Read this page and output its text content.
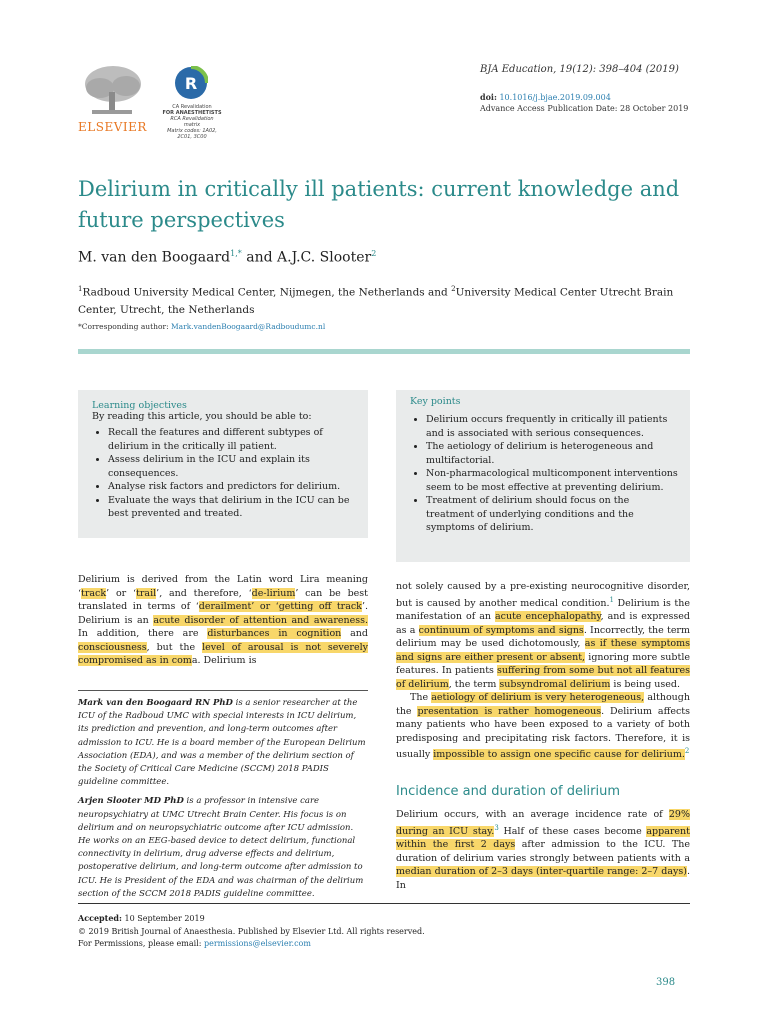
ELSEVIER
R
CA Revalidation
FOR ANAESTHETISTS
RCA Revalidation matrix
Matrix codes: 1A02,
2C01, 3C00
BJA Education, 19(12): 398–404 (2019)
doi: 10.1016/j.bjae.2019.09.004
Advance Access Publication Date: 28 October 2019
Delirium in critically ill patients: current knowledge and future perspectives
M. van den Boogaard$^{1,*}$ and A.J.C. Slooter$^2$
$^1$Radboud University Medical Center, Nijmegen, the Netherlands and $^2$University Medical Center Utrecht Brain Center, Utrecht, the Netherlands
*Corresponding author: Mark.vandenBoogaard@Radboudumc.nl

Learning objectives

By reading this article, you should be able to:

• Recall the features and different subtypes of delirium in the critically ill patient.
• Assess delirium in the ICU and explain its consequences.
• Analyse risk factors and predictors for delirium.
• Evaluate the ways that delirium in the ICU can be best prevented and treated.

Key points

• Delirium occurs frequently in critically ill patients and is associated with serious consequences.
• The aetiology of delirium is heterogeneous and multifactorial.
• Non-pharmacological multicomponent interventions seem to be most effective at preventing delirium.
• Treatment of delirium should focus on the treatment of underlying conditions and the symptoms of delirium.

Delirium is derived from the Latin word Lira meaning ‘track’ or ‘trail’, and therefore, ‘de-lirium’ can be best translated in terms of ‘derailment’ or ‘getting off track’. Delirium is an acute disorder of attention and awareness. In addition, there are disturbances in cognition and consciousness, but the level of arousal is not severely compromised as in coma. Delirium is

Mark van den Boogaard RN PhD is a senior researcher at the ICU of the Radboud UMC with special interests in ICU delirium, its prediction and prevention, and long-term outcomes after admission to ICU. He is a board member of the European Delirium Association (EDA), and was a member of the delirium section of the Society of Critical Care Medicine (SCCM) 2018 PADIS guideline committee.

Arjen Slooter MD PhD is a professor in intensive care neuropsychiatry at UMC Utrecht Brain Center. His focus is on delirium and on neuropsychiatric outcome after ICU admission. He works on an EEG-based device to detect delirium, functional connectivity in delirium, drug adverse effects and delirium, postoperative delirium, and long-term outcome after admission to ICU. He is President of the EDA and was chairman of the delirium section of the SCCM 2018 PADIS guideline committee.

not solely caused by a pre-existing neurocognitive disorder, but is caused by another medical condition.$^1$ Delirium is the manifestation of an acute encephalopathy, and is expressed as a continuum of symptoms and signs. Incorrectly, the term delirium may be used dichotomously, as if these symptoms and signs are either present or absent, ignoring more subtle features. In patients suffering from some but not all features of delirium, the term subsyndromal delirium is being used.

The aetiology of delirium is very heterogeneous, although the presentation is rather homogeneous. Delirium affects many patients who have been exposed to a variety of both predisposing and precipitating risk factors. Therefore, it is usually impossible to assign one specific cause for delirium.$^2$

Incidence and duration of delirium

Delirium occurs, with an average incidence rate of 29% during an ICU stay.$^3$ Half of these cases become apparent within the first 2 days after admission to the ICU. The duration of delirium varies strongly between patients with a median duration of 2–3 days (inter-quartile range: 2–7 days). In

Accepted: 10 September 2019
© 2019 British Journal of Anaesthesia. Published by Elsevier Ltd. All rights reserved.
For Permissions, please email: permissions@elsevier.com
398
